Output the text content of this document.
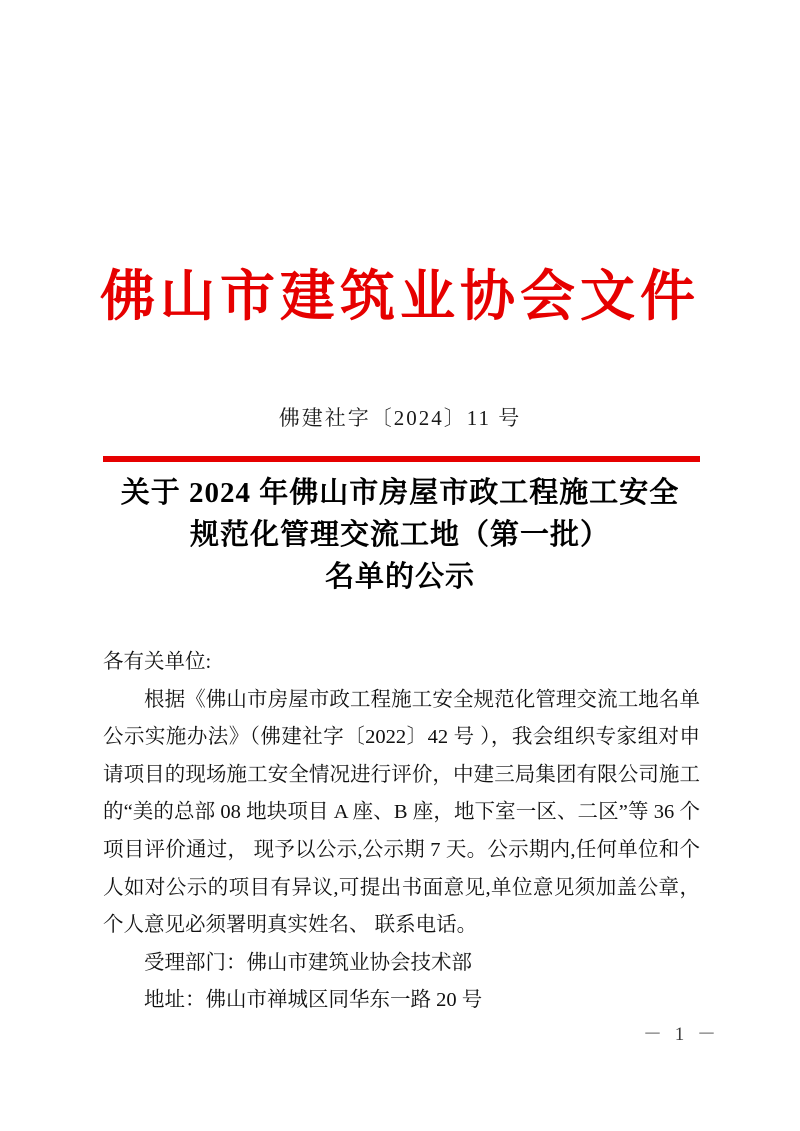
佛山市建筑业协会文件
佛建社字〔2024〕11 号
关于 2024 年佛山市房屋市政工程施工安全
规范化管理交流工地（第一批）
名单的公示

各有关单位:

根据《佛山市房屋市政工程施工安全规范化管理交流工地名单公示实施办法》（佛建社字〔2022〕42 号 ），我会组织专家组对申请项目的现场施工安全情况进行评价，中建三局集团有限公司施工的“美的总部 08 地块项目 A 座、B 座，地下室一区、二区”等 36 个项目评价通过， 现予以公示,公示期 7 天。公示期内,任何单位和个人如对公示的项目有异议,可提出书面意见,单位意见须加盖公章， 个人意见必须署明真实姓名、 联系电话。

受理部门：佛山市建筑业协会技术部

地址：佛山市禅城区同华东一路 20 号

－ 1 －
